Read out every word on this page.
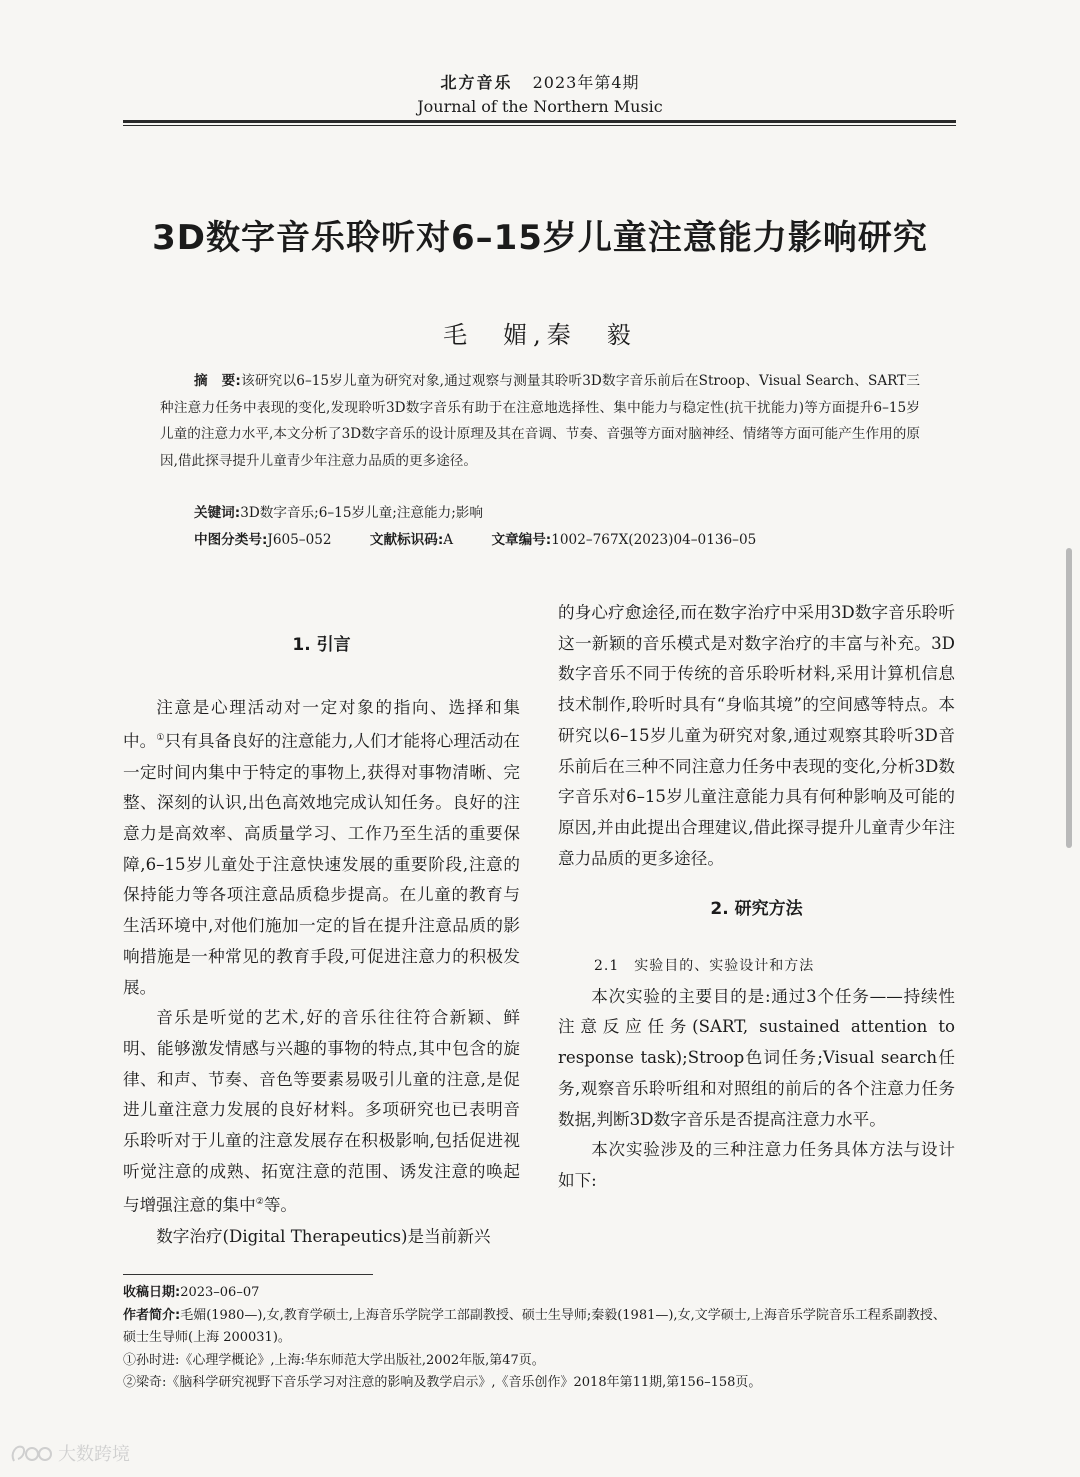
北方音乐 2023年第4期
Journal of the Northern Music
3D数字音乐聆听对6–15岁儿童注意能力影响研究
毛　媚,秦　毅
摘　要:该研究以6–15岁儿童为研究对象,通过观察与测量其聆听3D数字音乐前后在Stroop、Visual Search、SART三种注意力任务中表现的变化,发现聆听3D数字音乐有助于在注意地选择性、集中能力与稳定性(抗干扰能力)等方面提升6–15岁儿童的注意力水平,本文分析了3D数字音乐的设计原理及其在音调、节奏、音强等方面对脑神经、情绪等方面可能产生作用的原因,借此探寻提升儿童青少年注意力品质的更多途径。
关键词:3D数字音乐;6–15岁儿童;注意能力;影响
中图分类号:J605–052	文献标识码:A	文章编号:1002–767X(2023)04–0136–05
1. 引言

注意是心理活动对一定对象的指向、选择和集中。①只有具备良好的注意能力,人们才能将心理活动在一定时间内集中于特定的事物上,获得对事物清晰、完整、深刻的认识,出色高效地完成认知任务。良好的注意力是高效率、高质量学习、工作乃至生活的重要保障,6–15岁儿童处于注意快速发展的重要阶段,注意的保持能力等各项注意品质稳步提高。在儿童的教育与生活环境中,对他们施加一定的旨在提升注意品质的影响措施是一种常见的教育手段,可促进注意力的积极发展。

音乐是听觉的艺术,好的音乐往往符合新颖、鲜明、能够激发情感与兴趣的事物的特点,其中包含的旋律、和声、节奏、音色等要素易吸引儿童的注意,是促进儿童注意力发展的良好材料。多项研究也已表明音乐聆听对于儿童的注意发展存在积极影响,包括促进视听觉注意的成熟、拓宽注意的范围、诱发注意的唤起与增强注意的集中②等。

数字治疗(Digital Therapeutics)是当前新兴

的身心疗愈途径,而在数字治疗中采用3D数字音乐聆听这一新颖的音乐模式是对数字治疗的丰富与补充。3D数字音乐不同于传统的音乐聆听材料,采用计算机信息技术制作,聆听时具有“身临其境”的空间感等特点。本研究以6–15岁儿童为研究对象,通过观察其聆听3D音乐前后在三种不同注意力任务中表现的变化,分析3D数字音乐对6–15岁儿童注意能力具有何种影响及可能的原因,并由此提出合理建议,借此探寻提升儿童青少年注意力品质的更多途径。

2. 研究方法
2.1　实验目的、实验设计和方法

本次实验的主要目的是:通过3个任务——持续性注意反应任务(SART, sustained attention to response task);Stroop色词任务;Visual search任务,观察音乐聆听组和对照组的前后的各个注意力任务数据,判断3D数字音乐是否提高注意力水平。

本次实验涉及的三种注意力任务具体方法与设计如下:

收稿日期:2023–06–07
作者简介:毛媚(1980—),女,教育学硕士,上海音乐学院学工部副教授、硕士生导师;秦毅(1981—),女,文学硕士,上海音乐学院音乐工程系副教授、硕士生导师(上海 200031)。
①孙时进:《心理学概论》,上海:华东师范大学出版社,2002年版,第47页。
②梁奇:《脑科学研究视野下音乐学习对注意的影响及教学启示》,《音乐创作》2018年第11期,第156–158页。
大数跨境
